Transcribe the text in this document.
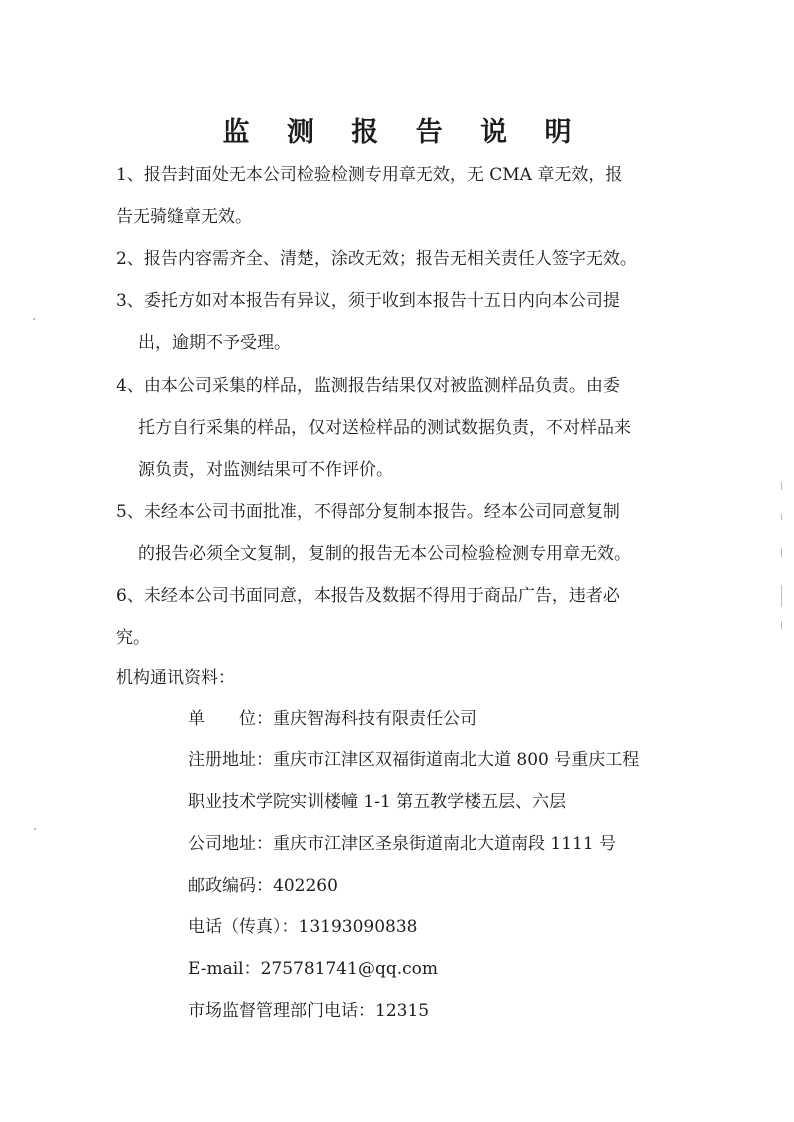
监 测 报 告 说 明
1、报告封面处无本公司检验检测专用章无效，无 CMA 章无效，报
告无骑缝章无效。
2、报告内容需齐全、清楚，涂改无效；报告无相关责任人签字无效。
3、委托方如对本报告有异议，须于收到本报告十五日内向本公司提
出，逾期不予受理。
4、由本公司采集的样品，监测报告结果仅对被监测样品负责。由委
托方自行采集的样品，仅对送检样品的测试数据负责，不对样品来
源负责，对监测结果可不作评价。
5、未经本公司书面批准，不得部分复制本报告。经本公司同意复制
的报告必须全文复制，复制的报告无本公司检验检测专用章无效。
6、未经本公司书面同意，本报告及数据不得用于商品广告，违者必
究。
机构通讯资料：
单　　位：重庆智海科技有限责任公司
注册地址：重庆市江津区双福街道南北大道 800 号重庆工程
职业技术学院实训楼幢 1-1 第五教学楼五层、六层
公司地址：重庆市江津区圣泉街道南北大道南段 1111 号
邮政编码：402260
电话（传真）：13193090838
E-mail：275781741@qq.com
市场监督管理部门电话：12315
